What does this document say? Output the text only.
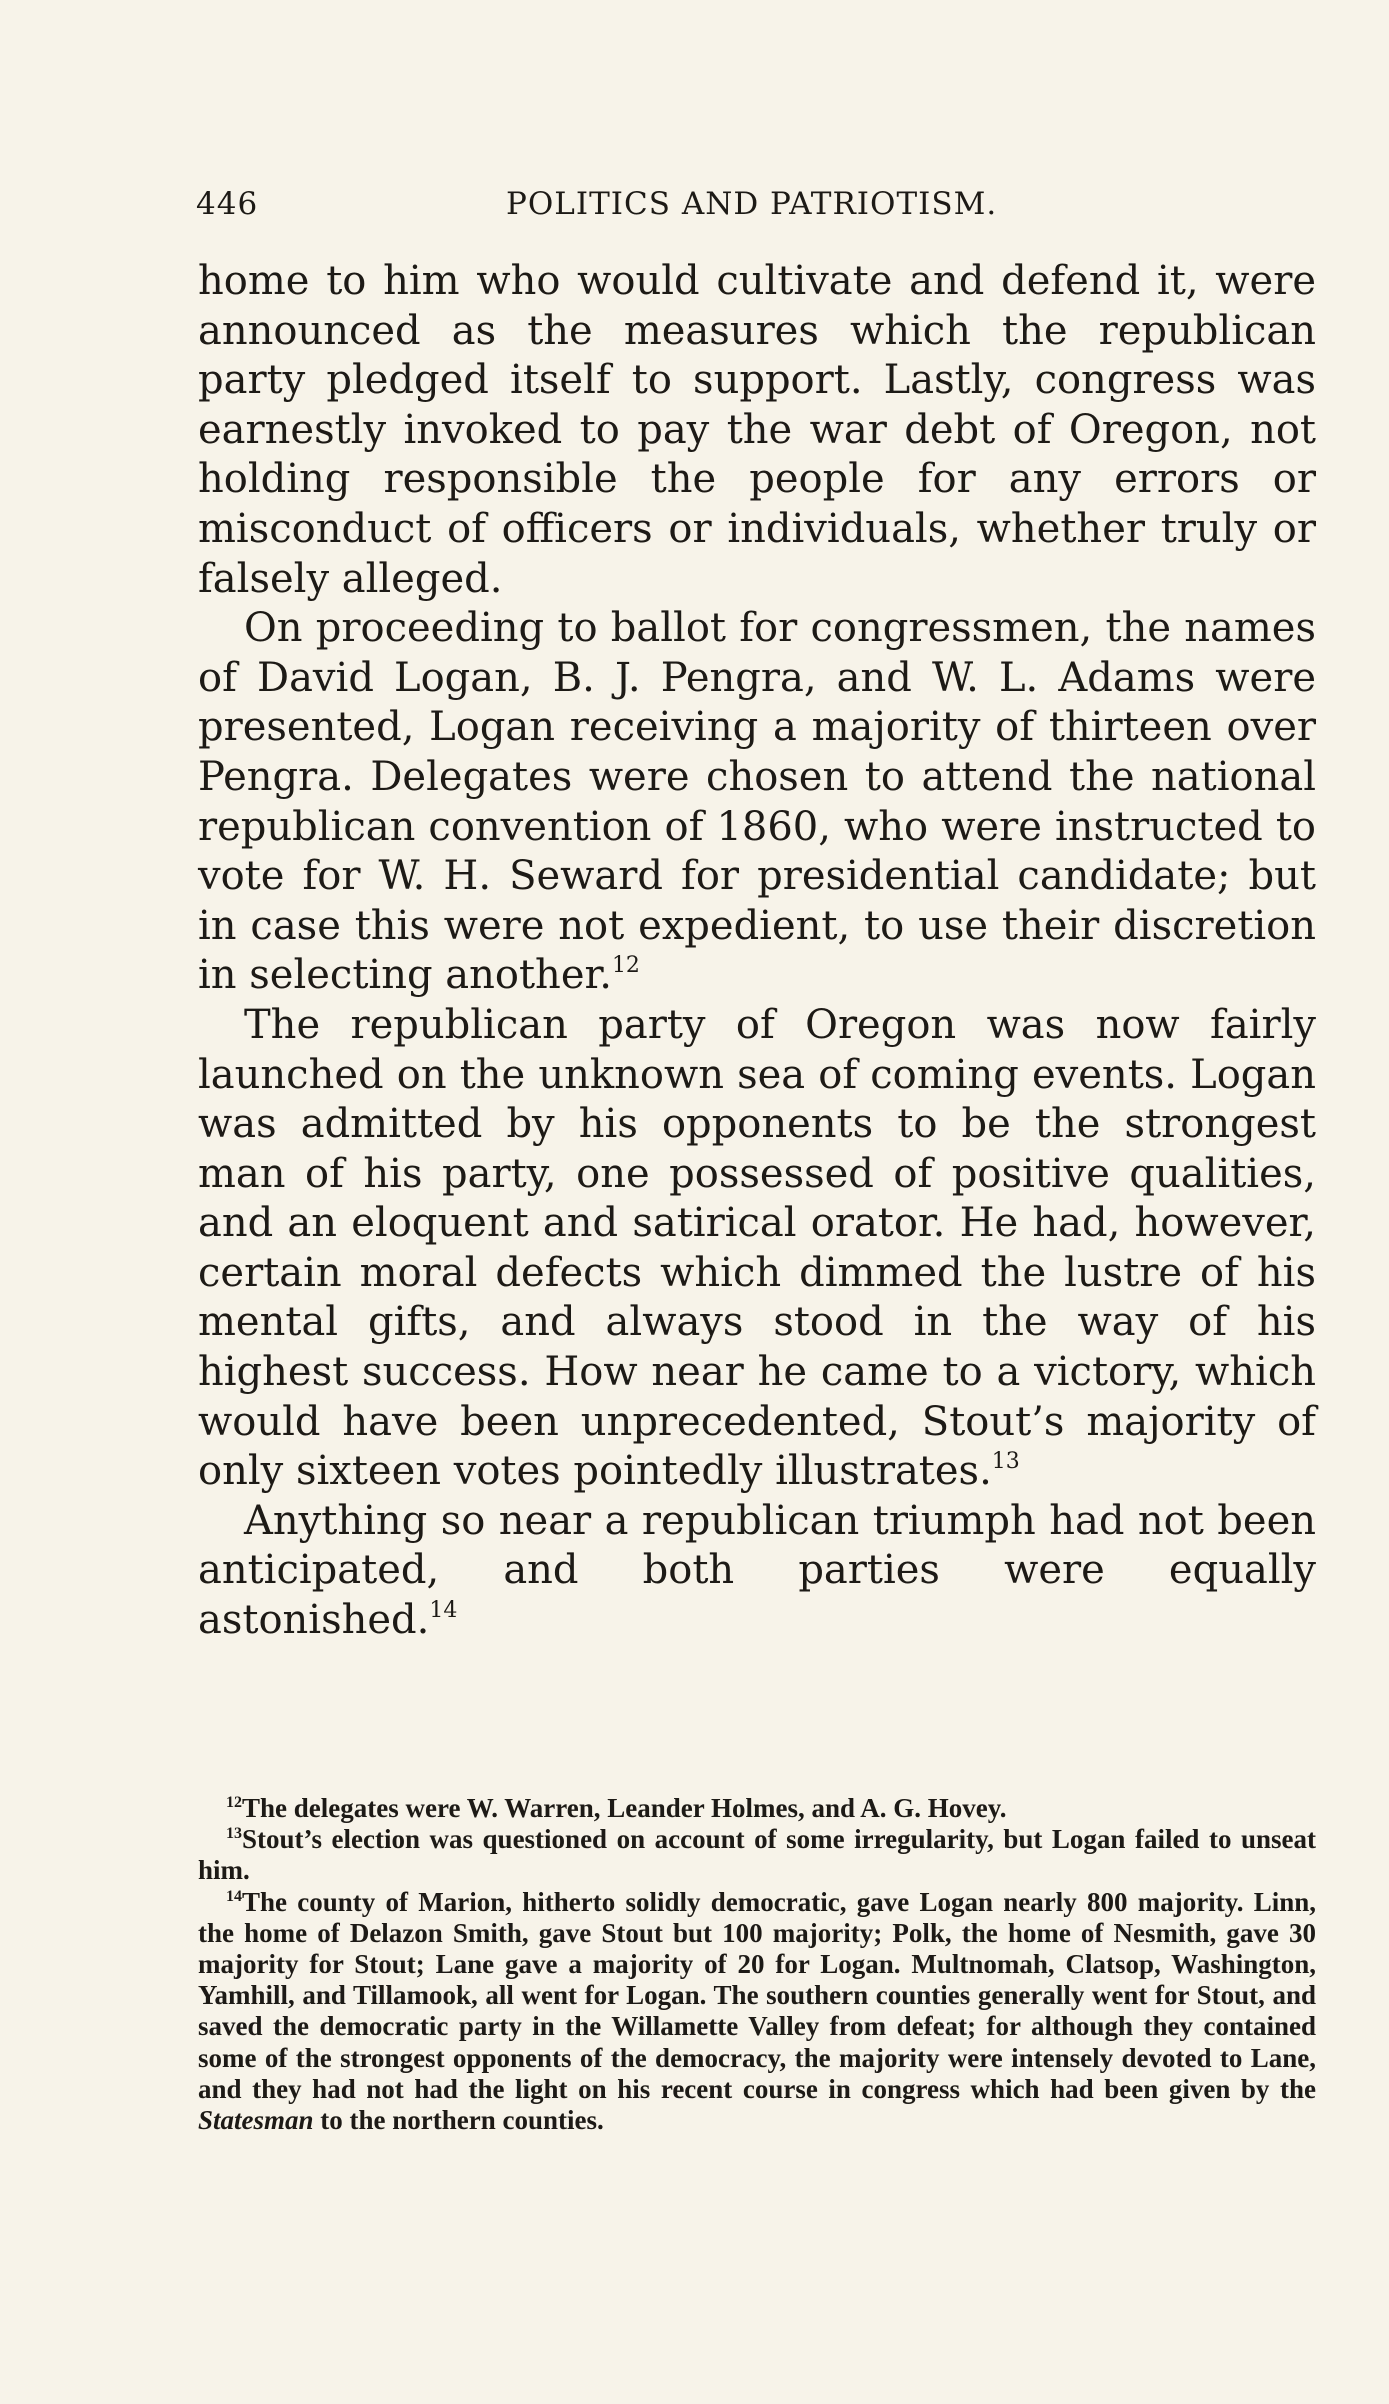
446	POLITICS AND PATRIOTISM.

home to him who would cultivate and defend it, were announced as the measures which the republican party pledged itself to support. Lastly, congress was earnestly invoked to pay the war debt of Oregon, not holding responsible the people for any errors or misconduct of officers or individuals, whether truly or falsely alleged.

On proceeding to ballot for congressmen, the names of David Logan, B. J. Pengra, and W. L. Adams were presented, Logan receiving a majority of thirteen over Pengra. Delegates were chosen to attend the national republican convention of 1860, who were instructed to vote for W. H. Seward for presidential candidate; but in case this were not expedient, to use their discretion in selecting another.$^{12}$

The republican party of Oregon was now fairly launched on the unknown sea of coming events. Logan was admitted by his opponents to be the strongest man of his party, one possessed of positive qualities, and an eloquent and satirical orator. He had, however, certain moral defects which dimmed the lustre of his mental gifts, and always stood in the way of his highest success. How near he came to a victory, which would have been unprecedented, Stout’s majority of only sixteen votes pointedly illustrates.$^{13}$

Anything so near a republican triumph had not been anticipated, and both parties were equally astonished.$^{14}$

$^{12}$The delegates were W. Warren, Leander Holmes, and A. G. Hovey.

$^{13}$Stout’s election was questioned on account of some irregularity, but Logan failed to unseat him.

$^{14}$The county of Marion, hitherto solidly democratic, gave Logan nearly 800 majority. Linn, the home of Delazon Smith, gave Stout but 100 majority; Polk, the home of Nesmith, gave 30 majority for Stout; Lane gave a majority of 20 for Logan. Multnomah, Clatsop, Washington, Yamhill, and Tillamook, all went for Logan. The southern counties generally went for Stout, and saved the democratic party in the Willamette Valley from defeat; for although they contained some of the strongest opponents of the democracy, the majority were intensely devoted to Lane, and they had not had the light on his recent course in congress which had been given by the Statesman to the northern counties.
